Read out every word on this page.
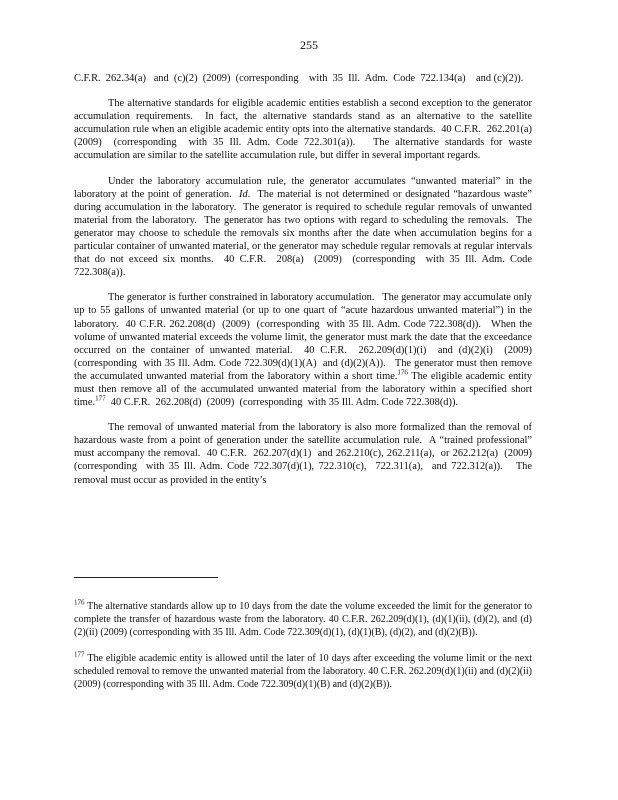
255

C.F.R.  262.34(a)   and  (c)(2)  (2009)  (corresponding    with  35  Ill.  Adm.  Code  722.134(a)    and (c)(2)).

The alternative standards for eligible academic entities establish a second exception to the generator accumulation requirements.  In fact, the alternative standards stand as an alternative to the satellite accumulation rule when an eligible academic entity opts into the alternative standards.  40 C.F.R.  262.201(a)  (2009)  (corresponding  with 35 Ill. Adm. Code 722.301(a)).   The alternative standards for waste accumulation are similar to the satellite accumulation rule, but differ in several important regards.

Under the laboratory accumulation rule, the generator accumulates “unwanted material” in the laboratory at the point of generation.  Id.  The material is not determined or designated “hazardous waste” during accumulation in the laboratory.  The generator is required to schedule regular removals of unwanted material from the laboratory.  The generator has two options with regard to scheduling the removals.  The generator may choose to schedule the removals six months after the date when accumulation begins for a particular container of unwanted material, or the generator may schedule regular removals at regular intervals that do not exceed six months.  40 C.F.R.  208(a)  (2009)  (corresponding  with 35 Ill. Adm. Code 722.308(a)).

The generator is further constrained in laboratory accumulation.   The generator may accumulate only up to 55 gallons of unwanted material (or up to one quart of “acute hazardous unwanted material”) in the laboratory.  40 C.F.R. 262.208(d)  (2009)  (corresponding  with 35 Ill. Adm. Code 722.308(d)).   When the volume of unwanted material exceeds the volume limit, the generator must mark the date that the exceedance occurred on the container of unwanted material.  40 C.F.R.  262.209(d)(1)(i)  and (d)(2)(i)  (2009)  (corresponding  with 35 Ill. Adm. Code 722.309(d)(1)(A)  and (d)(2)(A)).   The generator must then remove the accumulated unwanted material from the laboratory within a short time.$^{176}$ The eligible academic entity must then remove all of the accumulated unwanted material from the laboratory within a specified short time.$^{177}$  40 C.F.R.  262.208(d)  (2009)  (corresponding  with 35 Ill. Adm. Code 722.308(d)).

The removal of unwanted material from the laboratory is also more formalized than the removal of hazardous waste from a point of generation under the satellite accumulation rule.  A “trained professional” must accompany the removal.  40 C.F.R.  262.207(d)(1)  and 262.210(c), 262.211(a),  or 262.212(a)  (2009)  (corresponding  with 35 Ill. Adm. Code 722.307(d)(1), 722.310(c),  722.311(a),  and 722.312(a)).   The removal must occur as provided in the entity’s

$^{176}$ The alternative standards allow up to 10 days from the date the volume exceeded the limit for the generator to complete the transfer of hazardous waste from the laboratory. 40 C.F.R. 262.209(d)(1), (d)(1)(ii), (d)(2), and (d)(2)(ii) (2009) (corresponding with 35 Ill. Adm. Code 722.309(d)(1), (d)(1)(B), (d)(2), and (d)(2)(B)).

$^{177}$ The eligible academic entity is allowed until the later of 10 days after exceeding the volume limit or the next scheduled removal to remove the unwanted material from the laboratory. 40 C.F.R. 262.209(d)(1)(ii) and (d)(2)(ii) (2009) (corresponding with 35 Ill. Adm. Code 722.309(d)(1)(B) and (d)(2)(B)).
